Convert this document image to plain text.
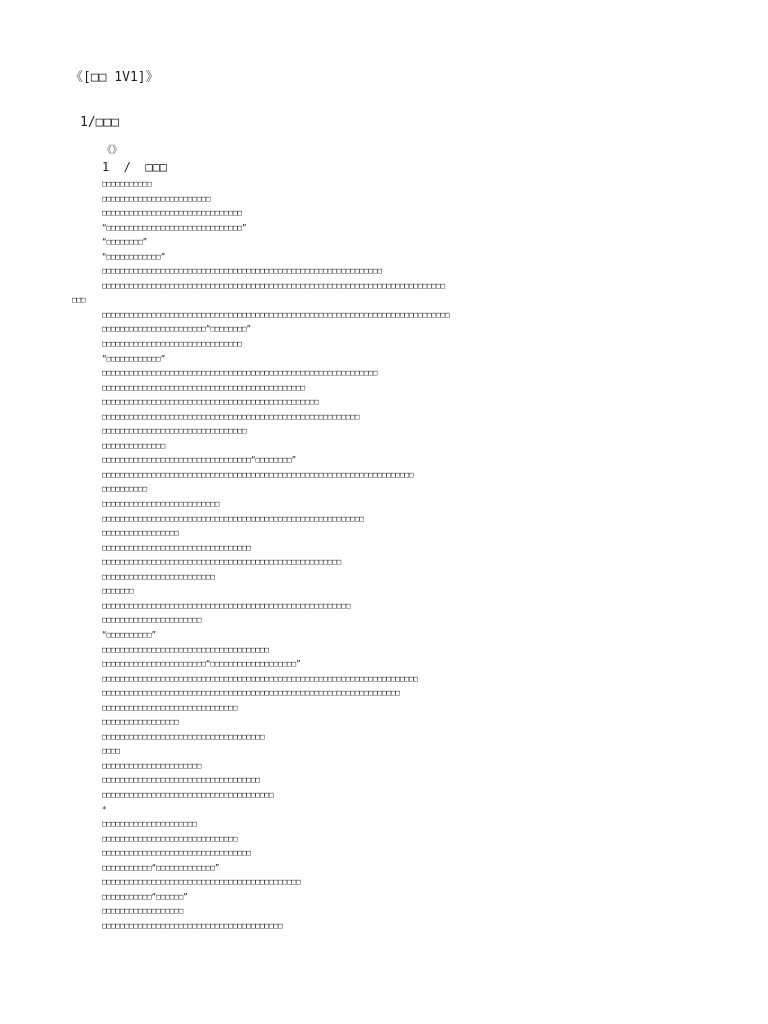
《[□□ 1V1]》
1/□□□
《》
1  /  □□□
□□□□□□□□□□□
□□□□□□□□□□□□□□□□□□□□□□□□
□□□□□□□□□□□□□□□□□□□□□□□□□□□□□□□
“□□□□□□□□□□□□□□□□□□□□□□□□□□□□□□”
“□□□□□□□□”
“□□□□□□□□□□□□”
□□□□□□□□□□□□□□□□□□□□□□□□□□□□□□□□□□□□□□□□□□□□□□□□□□□□□□□□□□□□□□
□□□□□□□□□□□□□□□□□□□□□□□□□□□□□□□□□□□□□□□□□□□□□□□□□□□□□□□□□□□□□□□□□□□□□□□□□□□□
□□□
□□□□□□□□□□□□□□□□□□□□□□□□□□□□□□□□□□□□□□□□□□□□□□□□□□□□□□□□□□□□□□□□□□□□□□□□□□□□□
□□□□□□□□□□□□□□□□□□□□□□□“□□□□□□□□”
□□□□□□□□□□□□□□□□□□□□□□□□□□□□□□□
“□□□□□□□□□□□□”
□□□□□□□□□□□□□□□□□□□□□□□□□□□□□□□□□□□□□□□□□□□□□□□□□□□□□□□□□□□□□
□□□□□□□□□□□□□□□□□□□□□□□□□□□□□□□□□□□□□□□□□□□□□
□□□□□□□□□□□□□□□□□□□□□□□□□□□□□□□□□□□□□□□□□□□□□□□□
□□□□□□□□□□□□□□□□□□□□□□□□□□□□□□□□□□□□□□□□□□□□□□□□□□□□□□□□□
□□□□□□□□□□□□□□□□□□□□□□□□□□□□□□□□
□□□□□□□□□□□□□□
□□□□□□□□□□□□□□□□□□□□□□□□□□□□□□□□□“□□□□□□□□”
□□□□□□□□□□□□□□□□□□□□□□□□□□□□□□□□□□□□□□□□□□□□□□□□□□□□□□□□□□□□□□□□□□□□□
□□□□□□□□□□
□□□□□□□□□□□□□□□□□□□□□□□□□□
□□□□□□□□□□□□□□□□□□□□□□□□□□□□□□□□□□□□□□□□□□□□□□□□□□□□□□□□□□
□□□□□□□□□□□□□□□□□
□□□□□□□□□□□□□□□□□□□□□□□□□□□□□□□□□
□□□□□□□□□□□□□□□□□□□□□□□□□□□□□□□□□□□□□□□□□□□□□□□□□□□□□
□□□□□□□□□□□□□□□□□□□□□□□□□
□□□□□□□
□□□□□□□□□□□□□□□□□□□□□□□□□□□□□□□□□□□□□□□□□□□□□□□□□□□□□□□
□□□□□□□□□□□□□□□□□□□□□□
“□□□□□□□□□□”
□□□□□□□□□□□□□□□□□□□□□□□□□□□□□□□□□□□□□
□□□□□□□□□□□□□□□□□□□□□□□“□□□□□□□□□□□□□□□□□□□”
□□□□□□□□□□□□□□□□□□□□□□□□□□□□□□□□□□□□□□□□□□□□□□□□□□□□□□□□□□□□□□□□□□□□□□
□□□□□□□□□□□□□□□□□□□□□□□□□□□□□□□□□□□□□□□□□□□□□□□□□□□□□□□□□□□□□□□□□□
□□□□□□□□□□□□□□□□□□□□□□□□□□□□□□
□□□□□□□□□□□□□□□□□
□□□□□□□□□□□□□□□□□□□□□□□□□□□□□□□□□□□□
□□□□
□□□□□□□□□□□□□□□□□□□□□□
□□□□□□□□□□□□□□□□□□□□□□□□□□□□□□□□□□□
□□□□□□□□□□□□□□□□□□□□□□□□□□□□□□□□□□□□□□
*
□□□□□□□□□□□□□□□□□□□□□
□□□□□□□□□□□□□□□□□□□□□□□□□□□□□□
□□□□□□□□□□□□□□□□□□□□□□□□□□□□□□□□□
□□□□□□□□□□□“□□□□□□□□□□□□□”
□□□□□□□□□□□□□□□□□□□□□□□□□□□□□□□□□□□□□□□□□□□□
□□□□□□□□□□□“□□□□□□”
□□□□□□□□□□□□□□□□□□
□□□□□□□□□□□□□□□□□□□□□□□□□□□□□□□□□□□□□□□□
